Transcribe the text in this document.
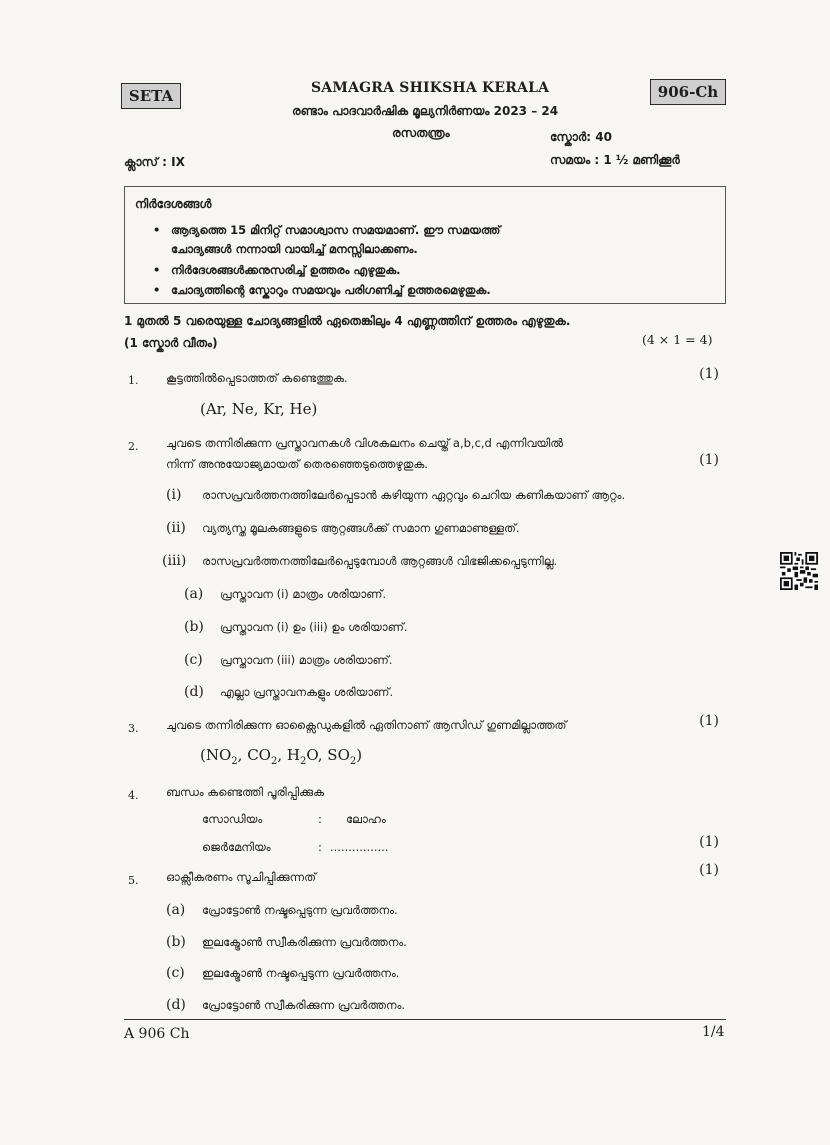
SETA	906-Ch
SAMAGRA SHIKSHA KERALA
രണ്ടാം പാദവാർഷിക മൂല്യനിർണയം 2023 – 24
രസതന്ത്രം	സ്കോർ: 40
ക്ലാസ് : IX	സമയം : 1 ½ മണിക്കൂർ
നിർദേശങ്ങൾ
• ആദ്യത്തെ 15 മിനിറ്റ് സമാശ്വാസ സമയമാണ്. ഈ സമയത്ത്
ചോദ്യങ്ങൾ നന്നായി വായിച്ച് മനസ്സിലാക്കണം.
• നിർദേശങ്ങൾക്കനുസരിച്ച് ഉത്തരം എഴുതുക.
• ചോദ്യത്തിന്റെ സ്കോറും സമയവും പരിഗണിച്ച് ഉത്തരമെഴുതുക.
1 മുതൽ 5 വരെയുള്ള ചോദ്യങ്ങളിൽ ഏതെങ്കിലും 4 എണ്ണത്തിന് ഉത്തരം എഴുതുക.
(1 സ്കോർ വീതം)	(4 × 1 = 4)
1. കൂട്ടത്തിൽപ്പെടാത്തത് കണ്ടെത്തുക.	(1)
(Ar, Ne, Kr, He)
2. ചുവടെ തന്നിരിക്കുന്ന പ്രസ്താവനകൾ വിശകലനം ചെയ്ത് a,b,c,d എന്നിവയിൽ
നിന്ന് അനുയോജ്യമായത് തെരഞ്ഞെടുത്തെഴുതുക.	(1)
(i) രാസപ്രവർത്തനത്തിലേർപ്പെടാൻ കഴിയുന്ന ഏറ്റവും ചെറിയ കണികയാണ് ആറ്റം.
(ii) വ്യത്യസ്ത മൂലകങ്ങളുടെ ആറ്റങ്ങൾക്ക് സമാന ഗുണമാണുള്ളത്.
(iii) രാസപ്രവർത്തനത്തിലേർപ്പെടുമ്പോൾ ആറ്റങ്ങൾ വിഭജിക്കപ്പെടുന്നില്ല.
(a) പ്രസ്താവന (i) മാത്രം ശരിയാണ്.
(b) പ്രസ്താവന (i) ഉം (iii) ഉം ശരിയാണ്.
(c) പ്രസ്താവന (iii) മാത്രം ശരിയാണ്.
(d) എല്ലാ പ്രസ്താവനകളും ശരിയാണ്.
3. ചുവടെ തന്നിരിക്കുന്ന ഓക്സൈഡുകളിൽ ഏതിനാണ് ആസിഡ് ഗുണമില്ലാത്തത്	(1)
($NO_2$, $CO_2$, $H_2O$, $SO_2$)
4. ബന്ധം കണ്ടെത്തി പൂരിപ്പിക്കുക
സോഡിയം	: ലോഹം
ജെർമേനിയം	: ................	(1)
5. ഓക്സീകരണം സൂചിപ്പിക്കുന്നത്	(1)
(a) പ്രോട്ടോൺ നഷ്ടപ്പെടുന്ന പ്രവർത്തനം.
(b) ഇലക്ട്രോൺ സ്വീകരിക്കുന്ന പ്രവർത്തനം.
(c) ഇലക്ട്രോൺ നഷ്ടപ്പെടുന്ന പ്രവർത്തനം.
(d) പ്രോട്ടോൺ സ്വീകരിക്കുന്ന പ്രവർത്തനം.
A 906 Ch	1/4
